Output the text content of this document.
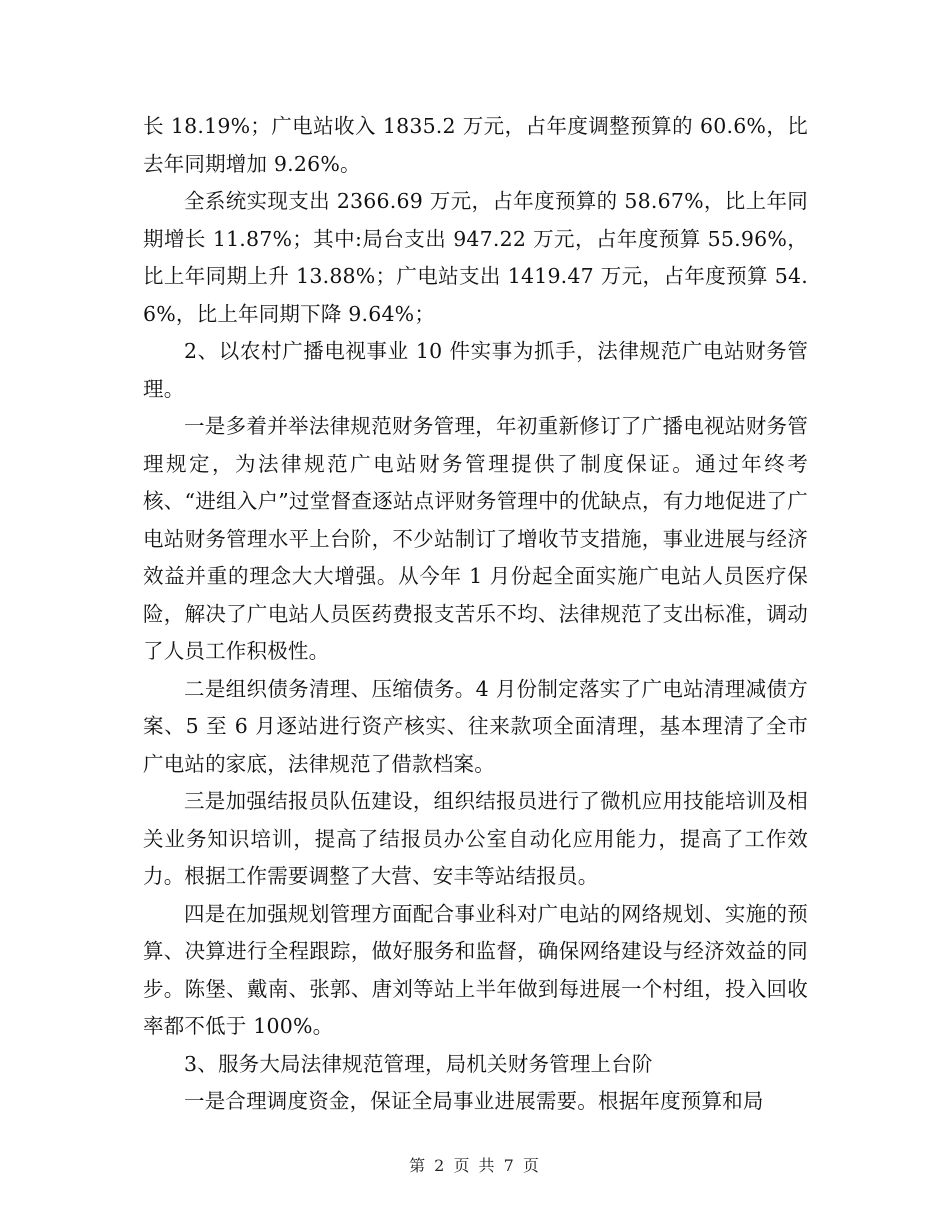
长 18.19%；广电站收入 1835.2 万元，占年度调整预算的 60.6%，比去年同期增加 9.26%。

全系统实现支出 2366.69 万元，占年度预算的 58.67%，比上年同期增长 11.87%；其中:局台支出 947.22 万元，占年度预算 55.96%，比上年同期上升 13.88%；广电站支出 1419.47 万元，占年度预算 54.6%，比上年同期下降 9.64%；

2、以农村广播电视事业 10 件实事为抓手，法律规范广电站财务管理。

一是多着并举法律规范财务管理，年初重新修订了广播电视站财务管理规定，为法律规范广电站财务管理提供了制度保证。通过年终考核、“进组入户”过堂督查逐站点评财务管理中的优缺点，有力地促进了广电站财务管理水平上台阶，不少站制订了增收节支措施，事业进展与经济效益并重的理念大大增强。从今年 1 月份起全面实施广电站人员医疗保险，解决了广电站人员医药费报支苦乐不均、法律规范了支出标准，调动了人员工作积极性。

二是组织债务清理、压缩债务。4 月份制定落实了广电站清理减债方案、5 至 6 月逐站进行资产核实、往来款项全面清理，基本理清了全市广电站的家底，法律规范了借款档案。

三是加强结报员队伍建设，组织结报员进行了微机应用技能培训及相关业务知识培训，提高了结报员办公室自动化应用能力，提高了工作效力。根据工作需要调整了大营、安丰等站结报员。

四是在加强规划管理方面配合事业科对广电站的网络规划、实施的预算、决算进行全程跟踪，做好服务和监督，确保网络建设与经济效益的同步。陈堡、戴南、张郭、唐刘等站上半年做到每进展一个村组，投入回收率都不低于 100%。

3、服务大局法律规范管理，局机关财务管理上台阶

一是合理调度资金，保证全局事业进展需要。根据年度预算和局

第 2 页 共 7 页
